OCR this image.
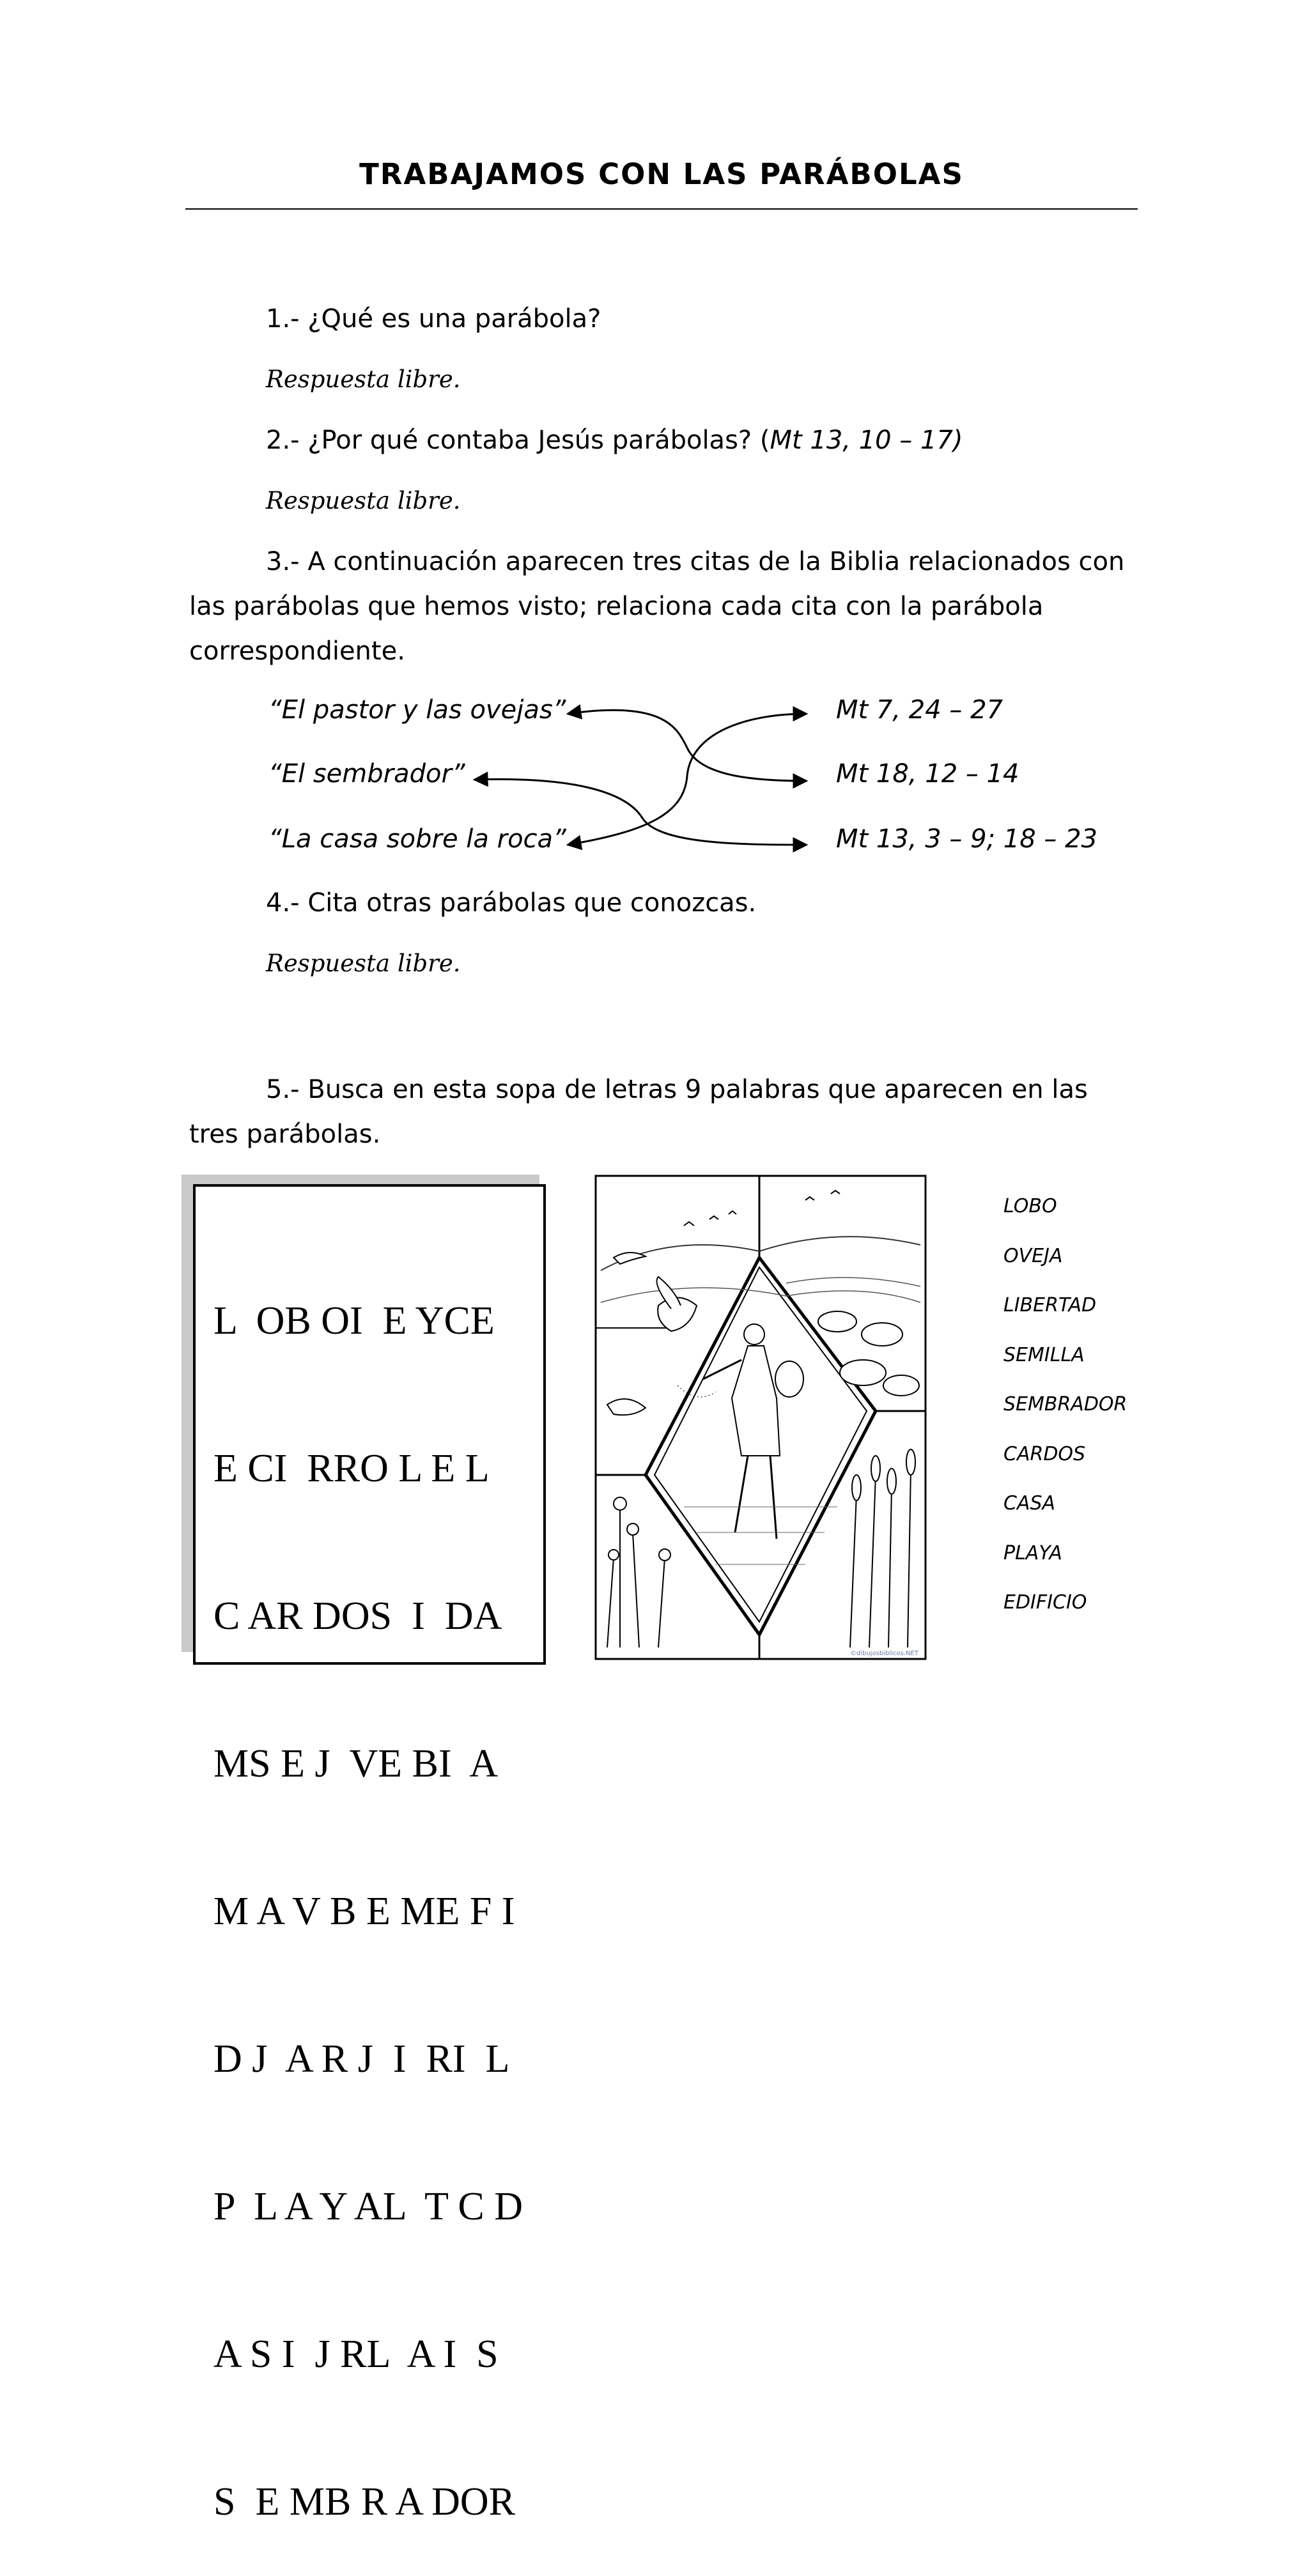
TRABAJAMOS CON LAS PARÁBOLAS
1.- ¿Qué es una parábola?
Respuesta libre.
2.- ¿Por qué contaba Jesús parábolas? (Mt 13, 10 – 17)
Respuesta libre.
3.- A continuación aparecen tres citas de la Biblia relacionados con las parábolas que hemos visto; relaciona cada cita con la parábola correspondiente.
“El pastor y las ovejas”
“El sembrador”
“La casa sobre la roca”
Mt 7, 24 – 27
Mt 18, 12 – 14
Mt 13, 3 – 9; 18 – 23
4.- Cita otras parábolas que conozcas.
Respuesta libre.
5.- Busca en esta sopa de letras 9 palabras que aparecen en las tres parábolas.

L  OB OI  E YCE

E CI  RRO L E L

C AR DOS  I  DA

MS E J  VE BI  A

M A V B E ME F I

D J  A R J  I  RI  L

P  L A Y AL  T C D

A S I  J RL  A I  S

S  E MB R A DOR

©dibujosbiblicos.NET
LOBO
OVEJA
LIBERTAD
SEMILLA
SEMBRADOR
CARDOS
CASA
PLAYA
EDIFICIO
